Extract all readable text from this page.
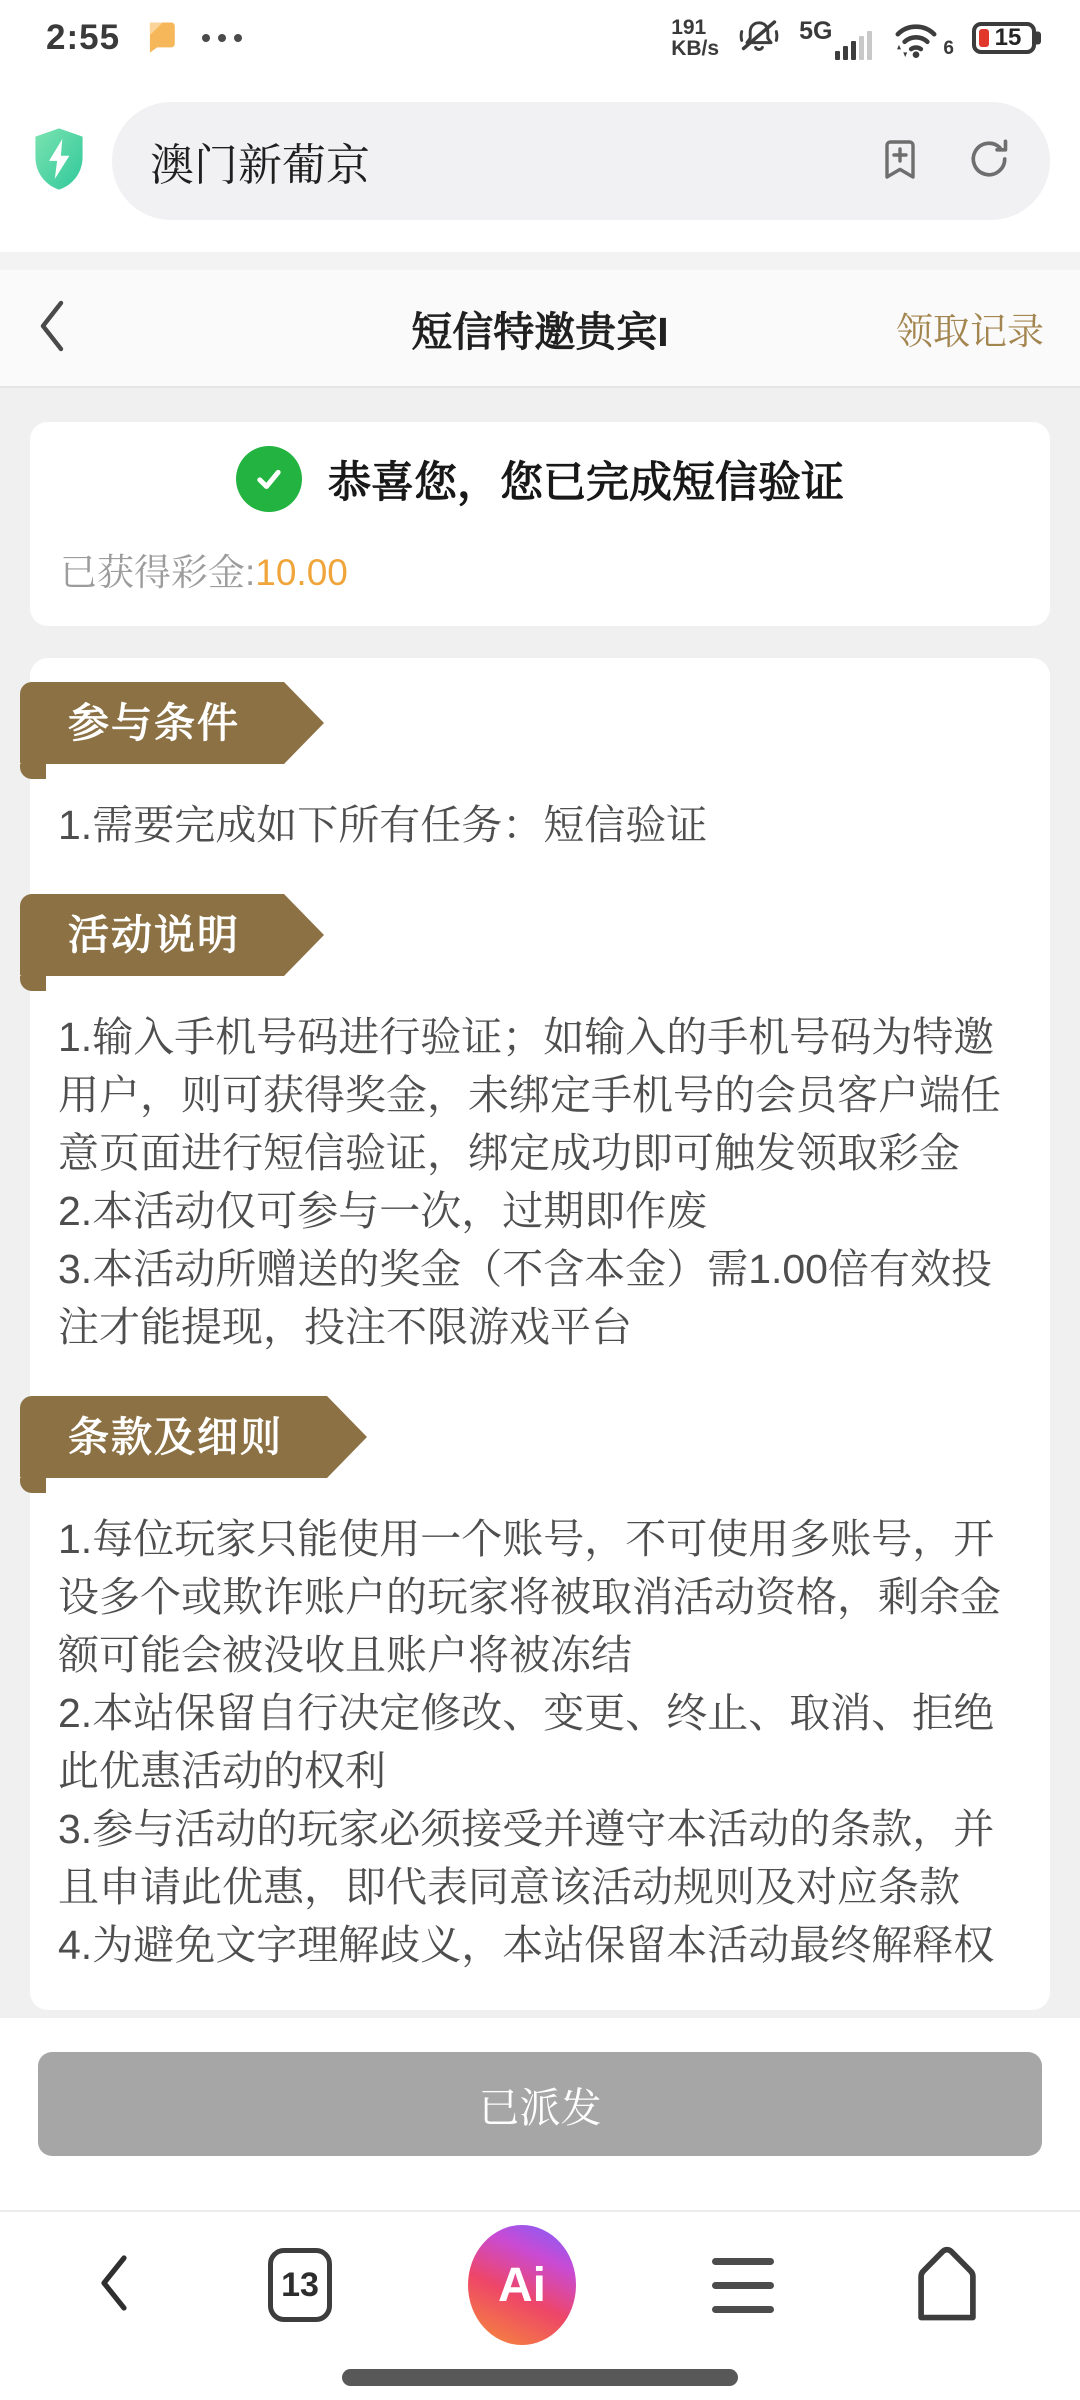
2:55	191
KB/s
5G
6 15
澳门新葡京
短信特邀贵宾I	领取记录
恭喜您，您已完成短信验证
已获得彩金:10.00
参与条件

1.需要完成如下所有任务：短信验证

活动说明

1.输入手机号码进行验证；如输入的手机号码为特邀用户，则可获得奖金，未绑定手机号的会员客户端任意页面进行短信验证，绑定成功即可触发领取彩金

2.本活动仅可参与一次，过期即作废

3.本活动所赠送的奖金（不含本金）需1.00倍有效投注才能提现，投注不限游戏平台

条款及细则

1.每位玩家只能使用一个账号，不可使用多账号，开设多个或欺诈账户的玩家将被取消活动资格，剩余金额可能会被没收且账户将被冻结

2.本站保留自行决定修改、变更、终止、取消、拒绝此优惠活动的权利

3.参与活动的玩家必须接受并遵守本活动的条款，并且申请此优惠，即代表同意该活动规则及对应条款

4.为避免文字理解歧义，本站保留本活动最终解释权

已派发
13	Ai
